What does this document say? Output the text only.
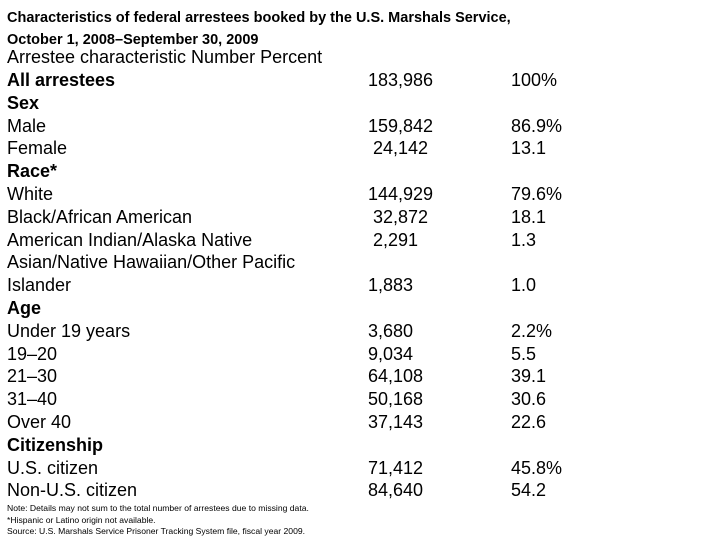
Characteristics of federal arrestees booked by the U.S. Marshals Service, October 1, 2008–September 30, 2009
Arrestee characteristic Number Percent
All arrestees	183,986	100%
Sex
Male	159,842	86.9%
Female	24,142	13.1
Race*
White	144,929	79.6%
Black/African American	32,872	18.1
American Indian/Alaska Native	2,291	1.3
Asian/Native Hawaiian/Other Pacific
Islander	1,883	1.0
Age
Under 19 years	3,680	2.2%
19–20	9,034	5.5
21–30	64,108	39.1
31–40	50,168	30.6
Over 40	37,143	22.6
Citizenship
U.S. citizen	71,412	45.8%
Non-U.S. citizen	84,640	54.2
Note: Details may not sum to the total number of arrestees due to missing data.
*Hispanic or Latino origin not available.
Source: U.S. Marshals Service Prisoner Tracking System file, fiscal year 2009.
